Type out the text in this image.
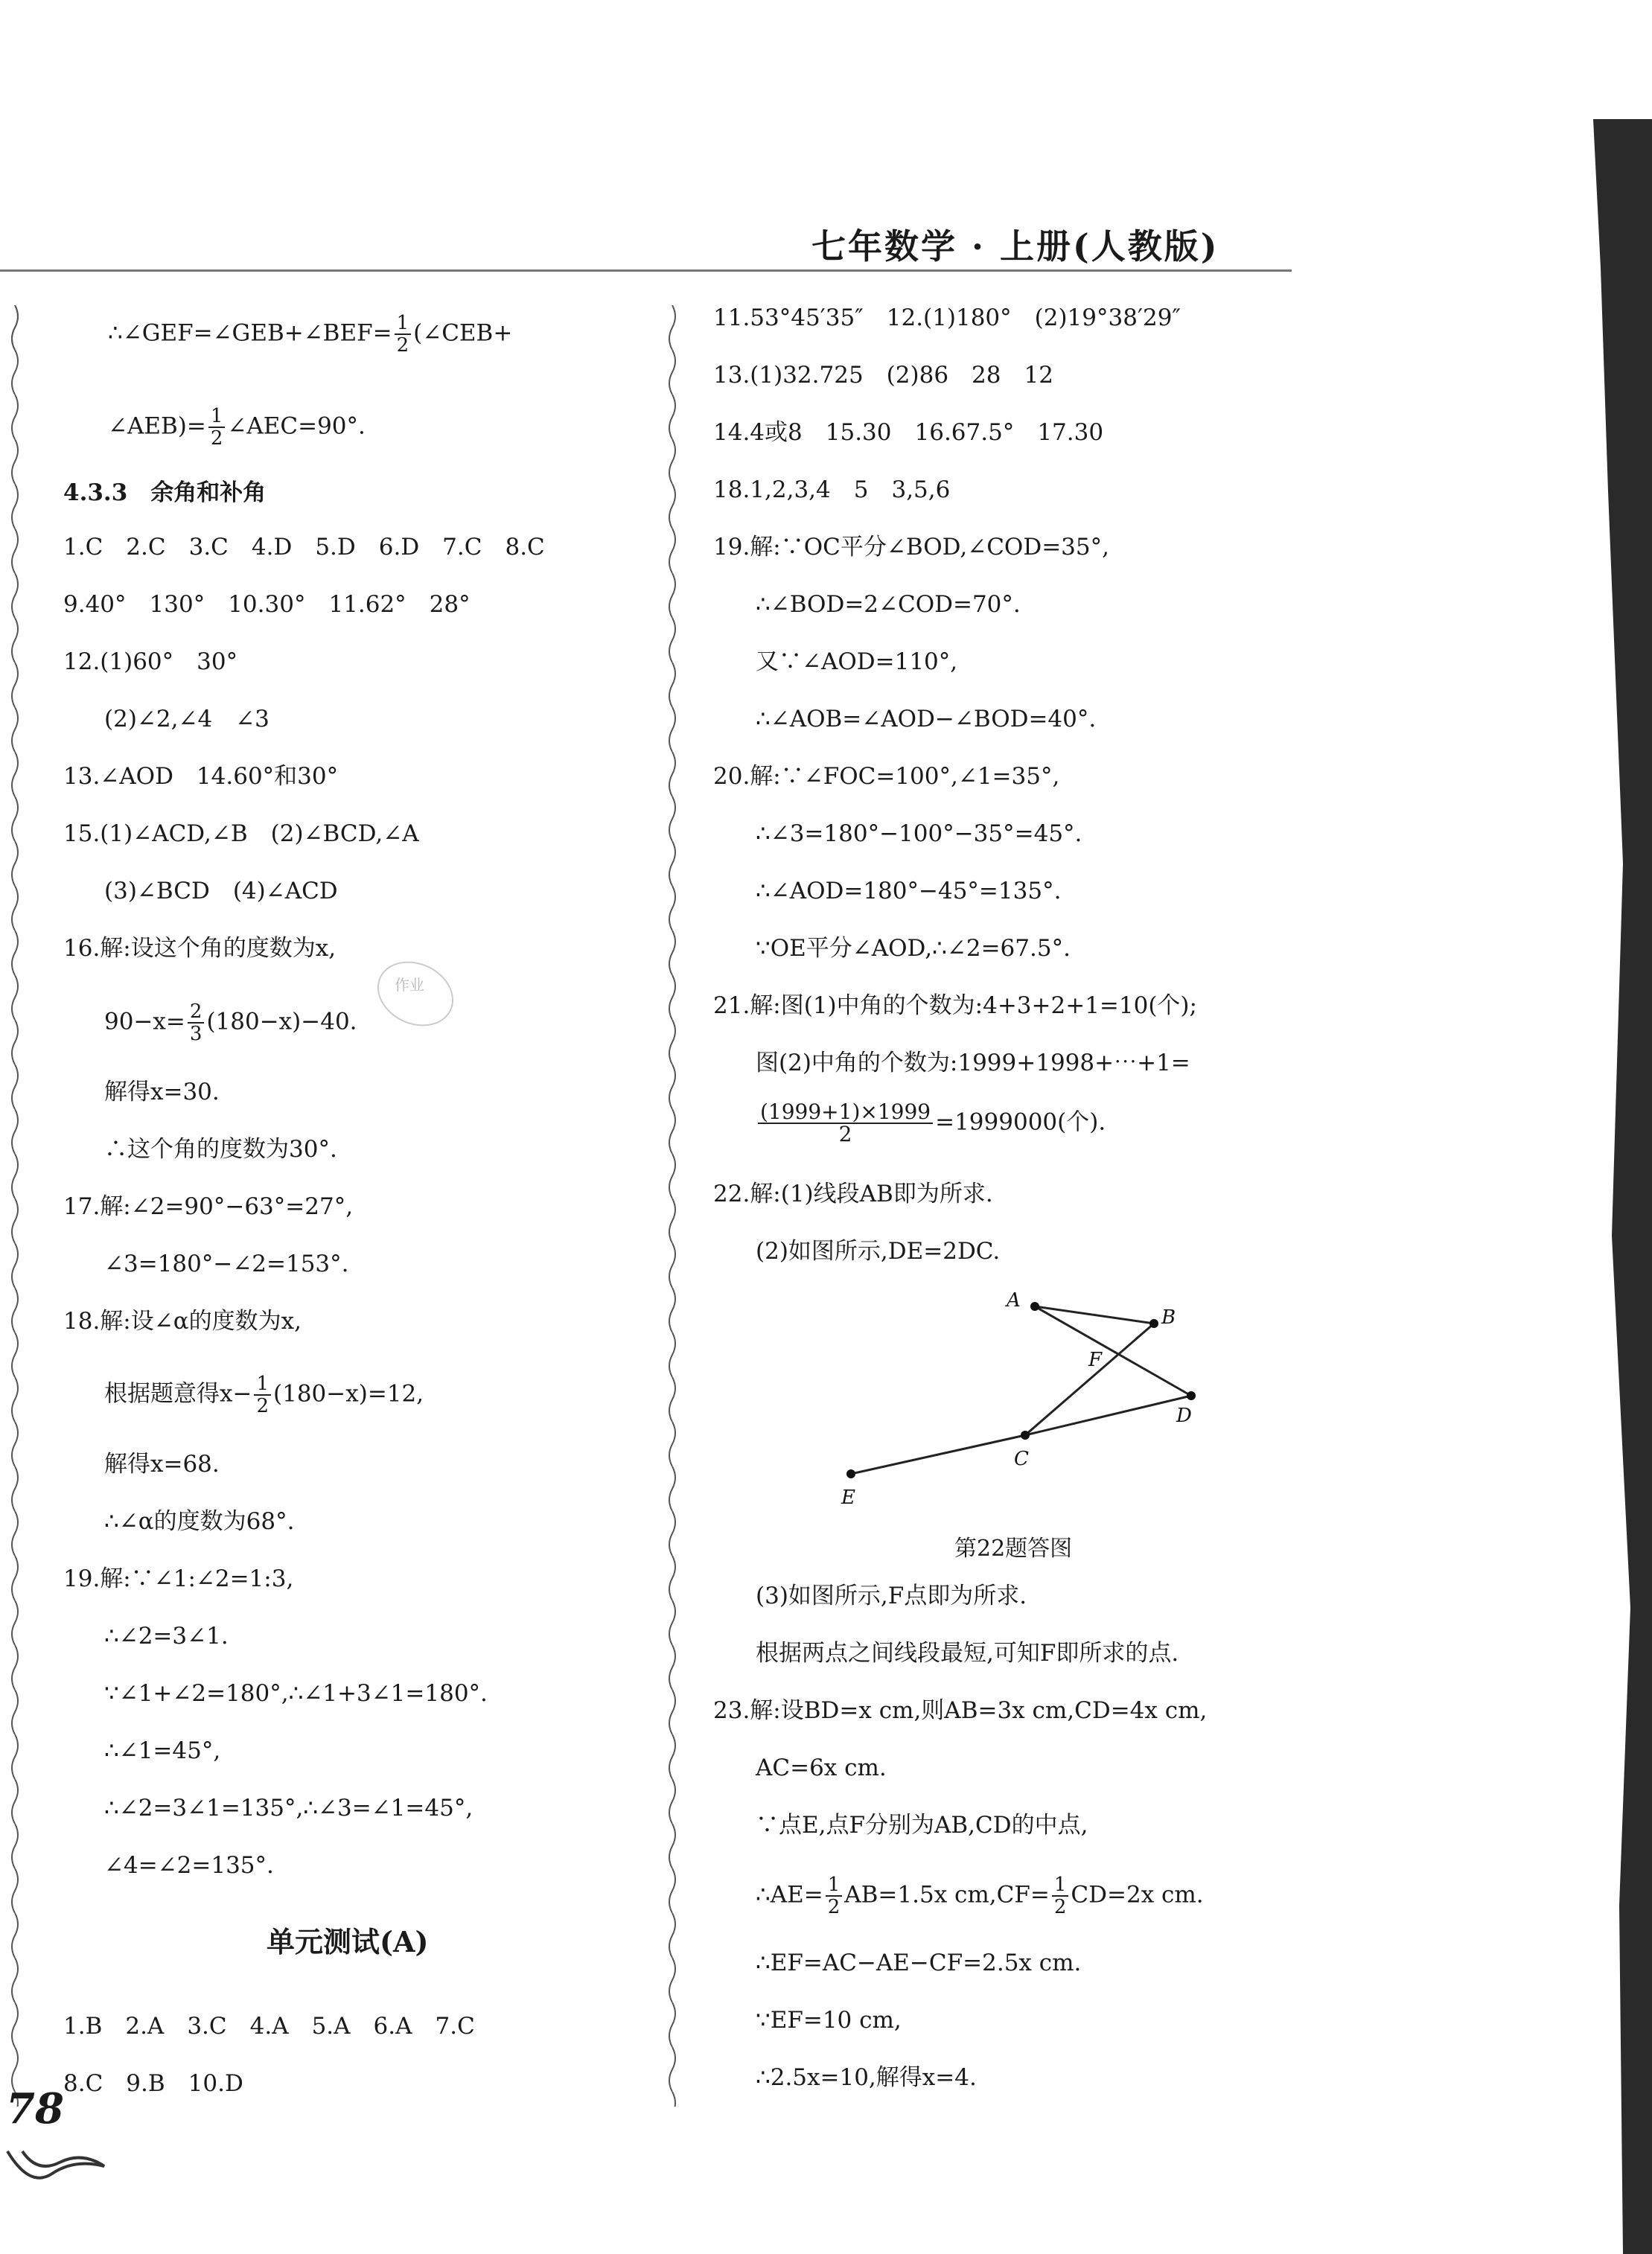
七年数学 · 上册(人教版)
∴∠GEF=∠GEB+∠BEF= $\frac{1}{2}$ (∠CEB+
∠AEB)= $\frac{1}{2}$ ∠AEC=90°.
4.3.3　余角和补角
1.C　2.C　3.C　4.D　5.D　6.D　7.C　8.C
9.40°　130°　10.30°　11.62°　28°
12.(1)60°　30°
(2)∠2,∠4　∠3
13.∠AOD　14.60°和30°
15.(1)∠ACD,∠B　(2)∠BCD,∠A
(3)∠BCD　(4)∠ACD
16.解:设这个角的度数为x,
$90-x= \frac{2}{3} (180-x)-40$.
解得x=30.
∴这个角的度数为30°.
17.解:∠2=90°−63°=27°,
∠3=180°−∠2=153°.
18.解:设∠α的度数为x,
根据题意得$x- \frac{1}{2} (180-x)=12$,
解得x=68.
∴∠α的度数为68°.
19.解:∵∠1:∠2=1:3,
∴∠2=3∠1.
∵∠1+∠2=180°,∴∠1+3∠1=180°.
∴∠1=45°,
∴∠2=3∠1=135°,∴∠3=∠1=45°,
∠4=∠2=135°.
单元测试(A)
1.B　2.A　3.C　4.A　5.A　6.A　7.C
8.C　9.B　10.D
作业
11.53°45′35″　12.(1)180°　(2)19°38′29″
13.(1)32.725　(2)86　28　12
14.4或8　15.30　16.67.5°　17.30
18.1,2,3,4　5　3,5,6
19.解:∵OC平分∠BOD,∠COD=35°,
∴∠BOD=2∠COD=70°.
又∵∠AOD=110°,
∴∠AOB=∠AOD−∠BOD=40°.
20.解:∵∠FOC=100°,∠1=35°,
∴∠3=180°−100°−35°=45°.
∴∠AOD=180°−45°=135°.
∵OE平分∠AOD,∴∠2=67.5°.
21.解:图(1)中角的个数为:4+3+2+1=10(个);
图(2)中角的个数为:1999+1998+⋯+1=
$\frac{(1999+1)\times 1999}{2} =1999000$(个).
22.解:(1)线段AB即为所求.
(2)如图所示,DE=2DC.
A
B
F
D
C
E
第22题答图
(3)如图所示,F点即为所求.
根据两点之间线段最短,可知F即所求的点.
23.解:设BD=x cm,则AB=3x cm,CD=4x cm,
AC=6x cm.
∵点E,点F分别为AB,CD的中点,
∴AE= $\frac{1}{2} AB=1.5x$ $cm,CF= \frac{1}{2} CD=2x$ cm.
∴EF=AC−AE−CF=2.5x cm.
∵EF=10 cm,
∴2.5x=10,解得x=4.
78
